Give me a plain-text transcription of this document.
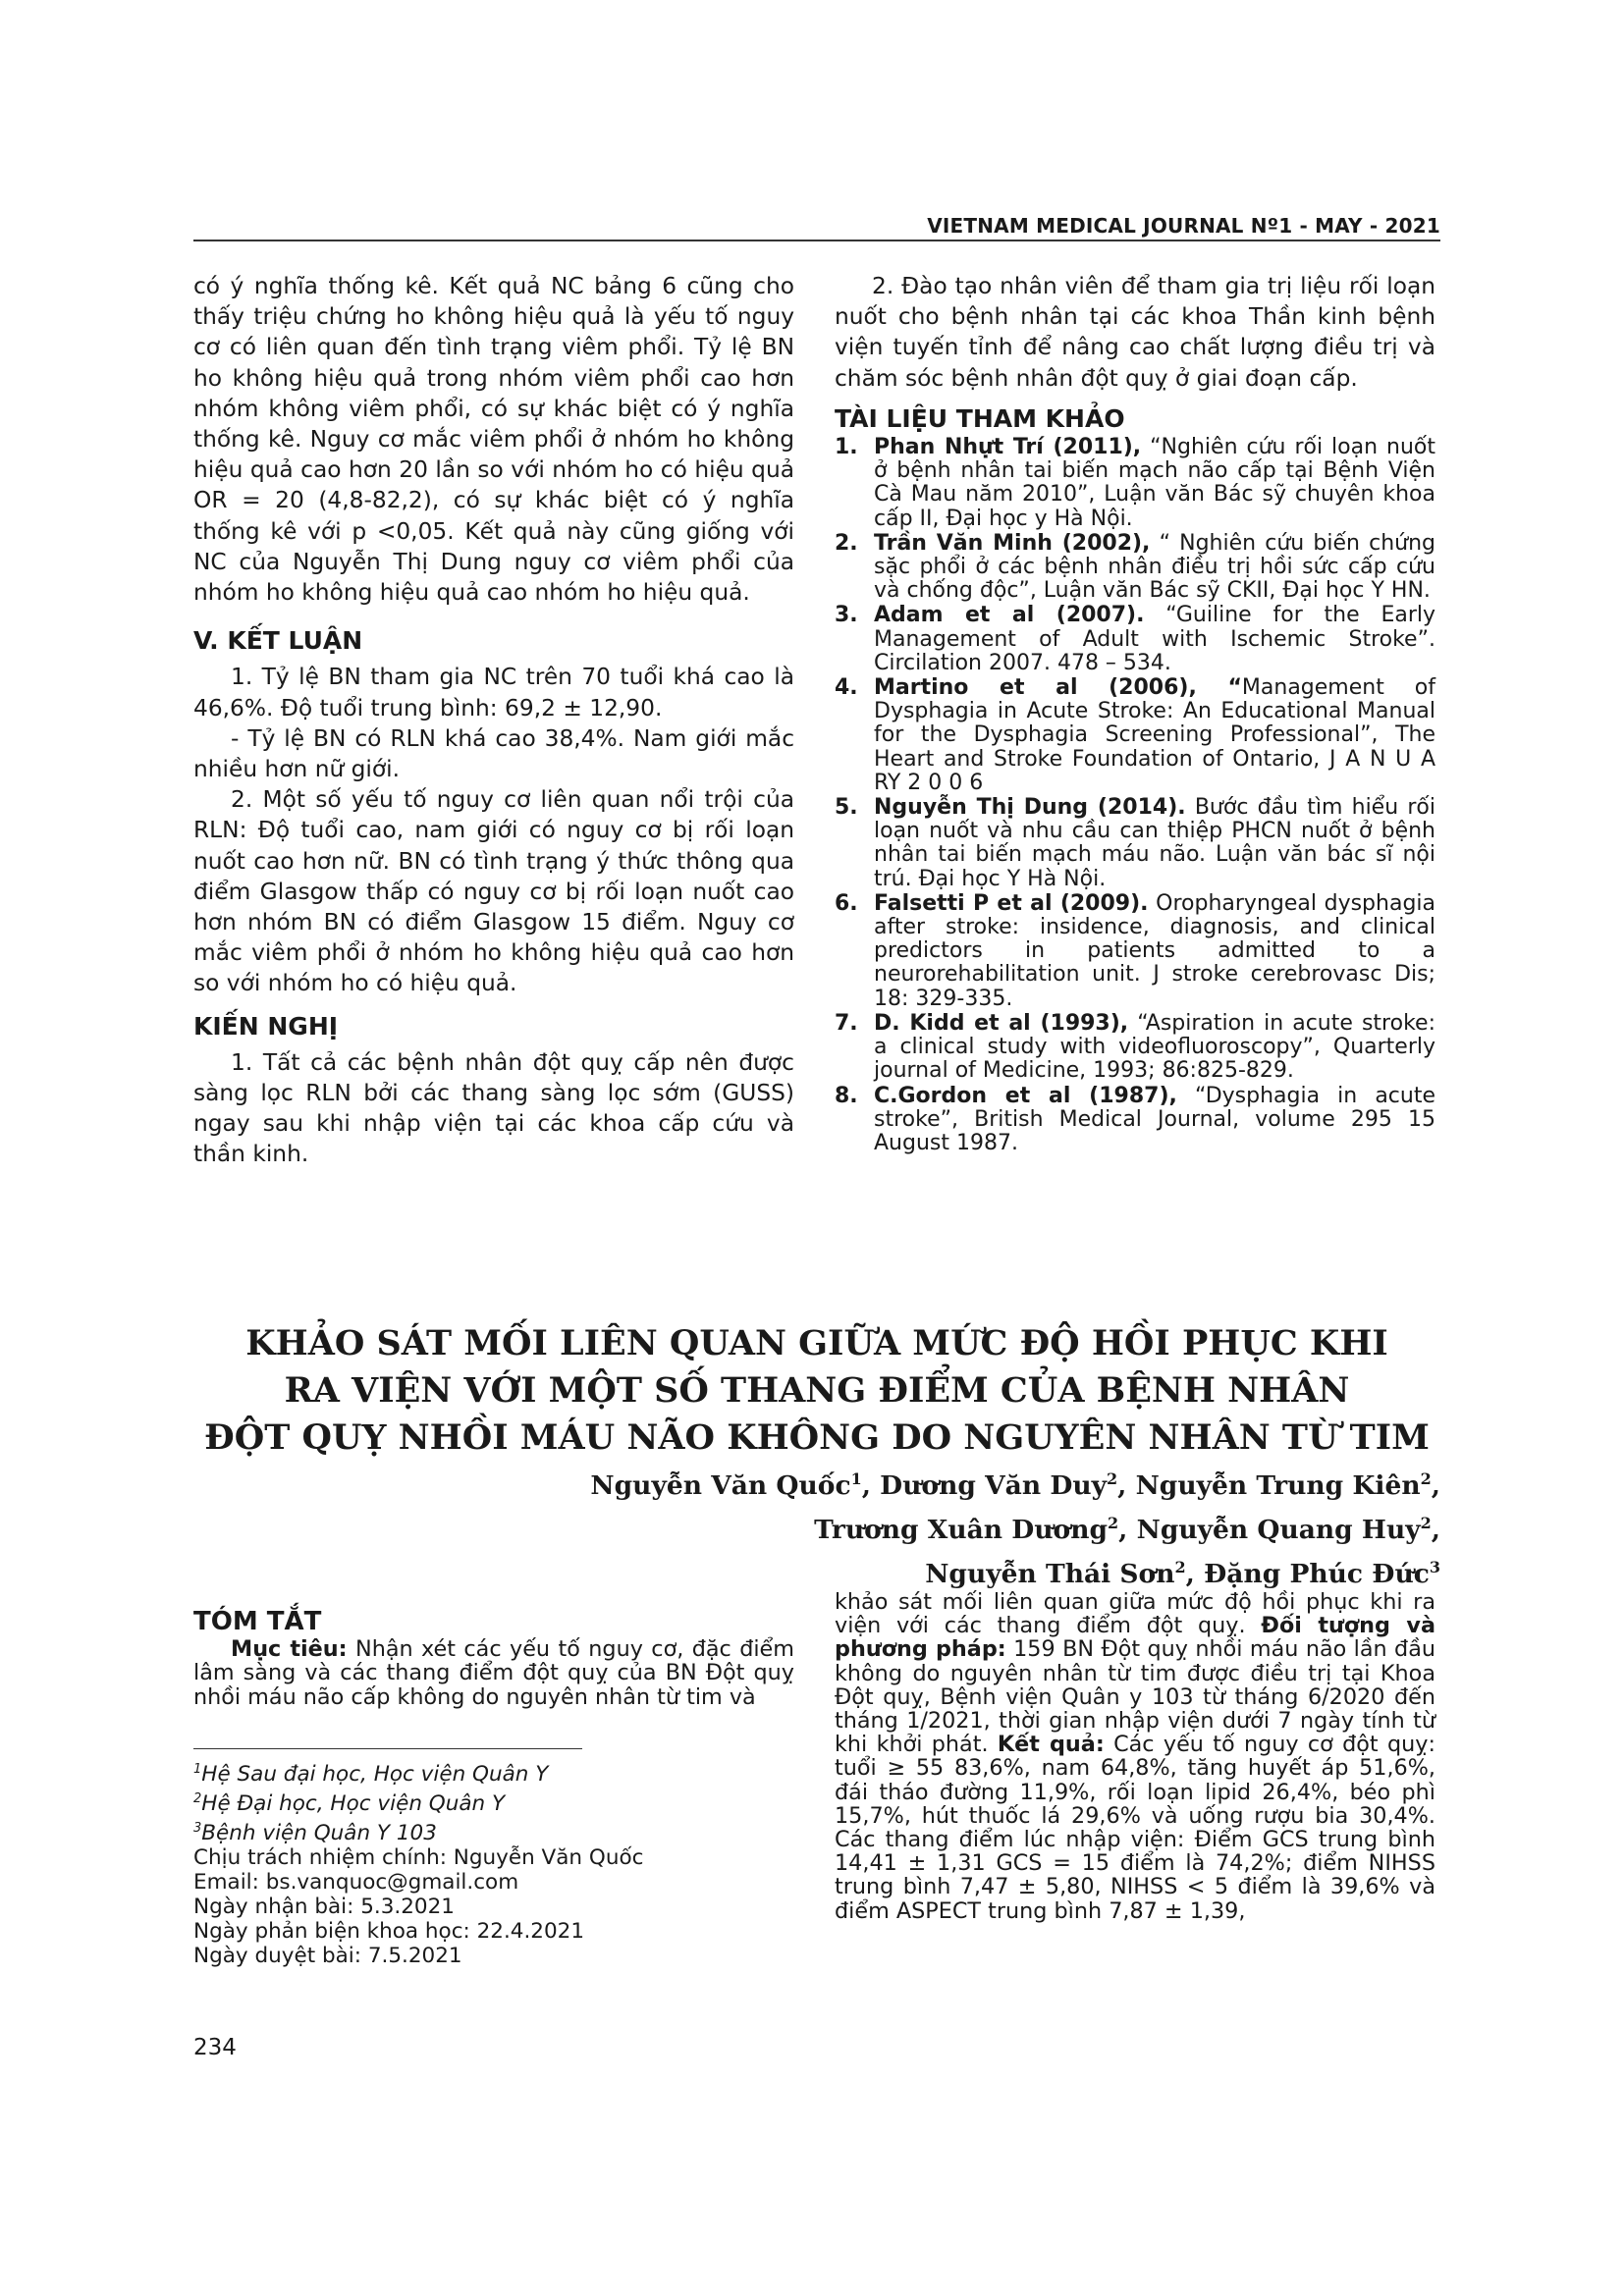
VIETNAM MEDICAL JOURNAL Nº1 - MAY - 2021

có ý nghĩa thống kê. Kết quả NC bảng 6 cũng cho thấy triệu chứng ho không hiệu quả là yếu tố nguy cơ có liên quan đến tình trạng viêm phổi. Tỷ lệ BN ho không hiệu quả trong nhóm viêm phổi cao hơn nhóm không viêm phổi, có sự khác biệt có ý nghĩa thống kê. Nguy cơ mắc viêm phổi ở nhóm ho không hiệu quả cao hơn 20 lần so với nhóm ho có hiệu quả OR = 20 (4,8-82,2), có sự khác biệt có ý nghĩa thống kê với p <0,05. Kết quả này cũng giống với NC của Nguyễn Thị Dung nguy cơ viêm phổi của nhóm ho không hiệu quả cao nhóm ho hiệu quả.

V. KẾT LUẬN

1. Tỷ lệ BN tham gia NC trên 70 tuổi khá cao là 46,6%. Độ tuổi trung bình: 69,2 ± 12,90.

- Tỷ lệ BN có RLN khá cao 38,4%. Nam giới mắc nhiều hơn nữ giới.

2. Một số yếu tố nguy cơ liên quan nổi trội của RLN: Độ tuổi cao, nam giới có nguy cơ bị rối loạn nuốt cao hơn nữ. BN có tình trạng ý thức thông qua điểm Glasgow thấp có nguy cơ bị rối loạn nuốt cao hơn nhóm BN có điểm Glasgow 15 điểm. Nguy cơ mắc viêm phổi ở nhóm ho không hiệu quả cao hơn so với nhóm ho có hiệu quả.

KIẾN NGHỊ

1. Tất cả các bệnh nhân đột quỵ cấp nên được sàng lọc RLN bởi các thang sàng lọc sớm (GUSS) ngay sau khi nhập viện tại các khoa cấp cứu và thần kinh.

2. Đào tạo nhân viên để tham gia trị liệu rối loạn nuốt cho bệnh nhân tại các khoa Thần kinh bệnh viện tuyến tỉnh để nâng cao chất lượng điều trị và chăm sóc bệnh nhân đột quỵ ở giai đoạn cấp.

TÀI LIỆU THAM KHẢO
1. Phan Nhựt Trí (2011), “Nghiên cứu rối loạn nuốt ở bệnh nhân tai biến mạch não cấp tại Bệnh Viện Cà Mau năm 2010”, Luận văn Bác sỹ chuyên khoa cấp II, Đại học y Hà Nội.
2. Trần Văn Minh (2002), “ Nghiên cứu biến chứng sặc phổi ở các bệnh nhân điều trị hồi sức cấp cứu và chống độc”, Luận văn Bác sỹ CKII, Đại học Y HN.
3. Adam et al (2007). “Guiline for the Early Management of Adult with Ischemic Stroke”. Circilation 2007. 478 – 534.
4. Martino et al (2006), “Management of Dysphagia in Acute Stroke: An Educational Manual for the Dysphagia Screening Professional”, The Heart and Stroke Foundation of Ontario, J A N U A RY 2 0 0 6
5. Nguyễn Thị Dung (2014). Bước đầu tìm hiểu rối loạn nuốt và nhu cầu can thiệp PHCN nuốt ở bệnh nhân tai biến mạch máu não. Luận văn bác sĩ nội trú. Đại học Y Hà Nội.
6. Falsetti P et al (2009). Oropharyngeal dysphagia after stroke: insidence, diagnosis, and clinical predictors in patients admitted to a neurorehabilitation unit. J stroke cerebrovasc Dis; 18: 329-335.
7. D. Kidd et al (1993), “Aspiration in acute stroke: a clinical study with videofluoroscopy”, Quarterly journal of Medicine, 1993; 86:825-829.
8. C.Gordon et al (1987), “Dysphagia in acute stroke”, British Medical Journal, volume 295 15 August 1987.
KHẢO SÁT MỐI LIÊN QUAN GIỮA MỨC ĐỘ HỒI PHỤC KHI
RA VIỆN VỚI MỘT SỐ THANG ĐIỂM CỦA BỆNH NHÂN
ĐỘT QUỴ NHỒI MÁU NÃO KHÔNG DO NGUYÊN NHÂN TỪ TIM
Nguyễn Văn Quốc$^1$, Dương Văn Duy$^2$, Nguyễn Trung Kiên$^2$,
Trương Xuân Dương$^2$, Nguyễn Quang Huy$^2$,
Nguyễn Thái Sơn$^2$, Đặng Phúc Đức$^3$
TÓM TẮT

Mục tiêu: Nhận xét các yếu tố nguy cơ, đặc điểm lâm sàng và các thang điểm đột quỵ của BN Đột quỵ nhồi máu não cấp không do nguyên nhân từ tim và

khảo sát mối liên quan giữa mức độ hồi phục khi ra viện với các thang điểm đột quỵ. Đối tượng và phương pháp: 159 BN Đột quỵ nhồi máu não lần đầu không do nguyên nhân từ tim được điều trị tại Khoa Đột quỵ, Bệnh viện Quân y 103 từ tháng 6/2020 đến tháng 1/2021, thời gian nhập viện dưới 7 ngày tính từ khi khởi phát. Kết quả: Các yếu tố nguy cơ đột quỵ: tuổi ≥ 55 83,6%, nam 64,8%, tăng huyết áp 51,6%, đái tháo đường 11,9%, rối loạn lipid 26,4%, béo phì 15,7%, hút thuốc lá 29,6% và uống rượu bia 30,4%. Các thang điểm lúc nhập viện: Điểm GCS trung bình 14,41 ± 1,31 GCS = 15 điểm là 74,2%; điểm NIHSS trung bình 7,47 ± 5,80, NIHSS < 5 điểm là 39,6% và điểm ASPECT trung bình 7,87 ± 1,39,

$^1$Hệ Sau đại học, Học viện Quân Y
$^2$Hệ Đại học, Học viện Quân Y
$^3$Bệnh viện Quân Y 103
Chịu trách nhiệm chính: Nguyễn Văn Quốc
Email: bs.vanquoc@gmail.com
Ngày nhận bài: 5.3.2021
Ngày phản biện khoa học: 22.4.2021
Ngày duyệt bài: 7.5.2021
234
